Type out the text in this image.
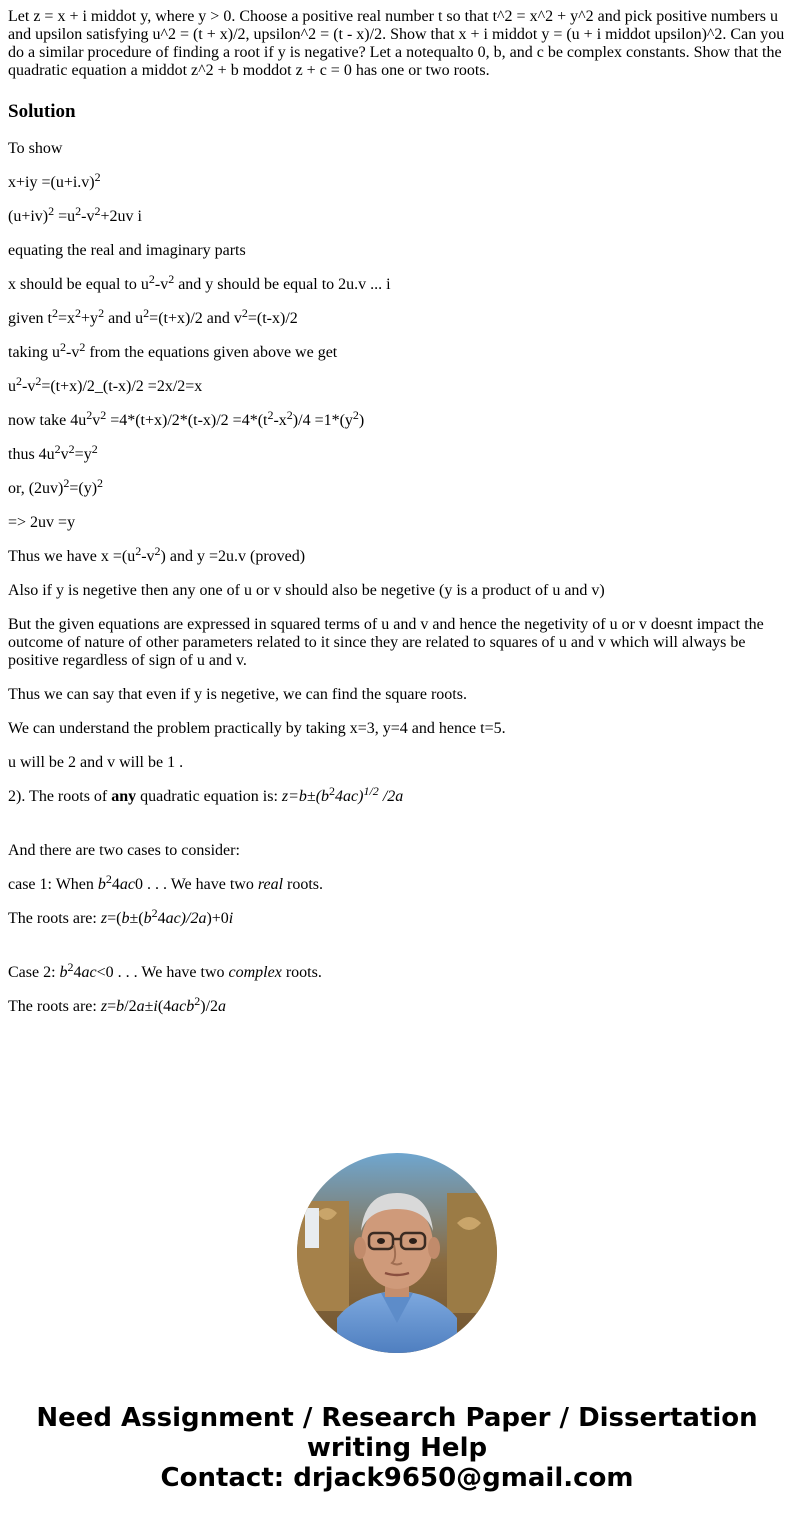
Let z = x + i middot y, where y > 0. Choose a positive real number t so that t^2 = x^2 + y^2 and pick positive numbers u and upsilon satisfying u^2 = (t + x)/2, upsilon^2 = (t - x)/2. Show that x + i middot y = (u + i middot upsilon)^2. Can you do a similar procedure of finding a root if y is negative? Let a notequalto 0, b, and c be complex constants. Show that the quadratic equation a middot z^2 + b moddot z + c = 0 has one or two roots.
Solution

To show

$x+iy =(u+i.v)^2$

$(u+iv)^2 =u^2-v^2+2uv$ i

equating the real and imaginary parts

x should be equal to $u^2-v^2$ and y should be equal to 2u.v ... i

given $t^2=x^2+y^2$ and $u^2=(t+x)/2$ and $v^2=(t-x)/2$

taking $u^2-v^2$ from the equations given above we get

$u^2-v^2=(t+x)/2\_(t-x)/2 =2x/2=x$

now take $4u^2v^2 =4*(t+x)/2*(t-x)/2 =4*(t^2-x^2)/4 =1*(y^2)$

thus $4u^2v^2=y^2$

or, $(2uv)^2=(y)^2$

=> 2uv =y

Thus we have $x =(u^2-v^2)$ and y =2u.v (proved)

Also if y is negetive then any one of u or v should also be negetive (y is a product of u and v)

But the given equations are expressed in squared terms of u and v and hence the negetivity of u or v doesnt impact the outcome of nature of other parameters related to it since they are related to squares of u and v which will always be positive regardless of sign of u and v.

Thus we can say that even if y is negetive, we can find the square roots.

We can understand the problem practically by taking x=3, y=4 and hence t=5.

u will be 2 and v will be 1 .

2). The roots of any quadratic equation is: $z=b\pm(b^24ac)^{1/2}$ /2a

And there are two cases to consider:

case 1: When $b^24ac0$ . . . We have two real roots.

The roots are: $z=(b\pm(b^24ac)/2a)+0i$

Case 2: $b^24ac<0$ . . . We have two complex roots.

The roots are: z=b/2a±i(4acb$^2$)/2a

Need Assignment / Research Paper / Dissertation
writing Help
Contact: drjack9650@gmail.com
